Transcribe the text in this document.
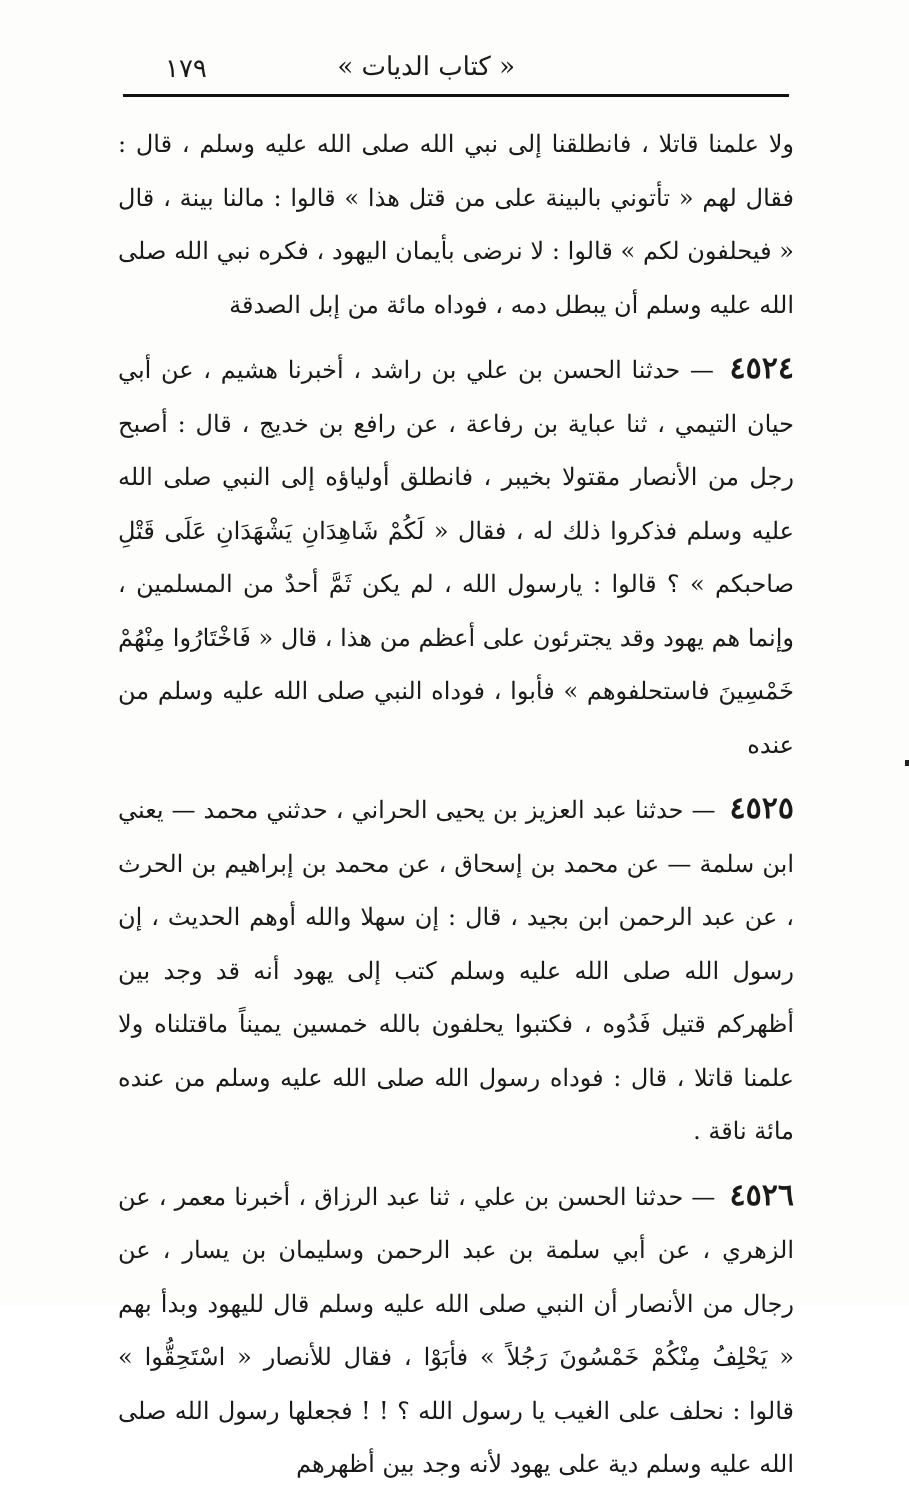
« كتاب الديات »
١٧٩

ولا علمنا قاتلا ، فانطلقنا إلى نبي الله صلى الله عليه وسلم ، قال : فقال لهم « تأتوني بالبينة على من قتل هذا » قالوا : مالنا بينة ، قال « فيحلفون لكم » قالوا : لا نرضى بأيمان اليهود ، فكره نبي الله صلى الله عليه وسلم أن يبطل دمه ، فوداه مائة من إبل الصدقة

٤٥٢٤ — حدثنا الحسن بن علي بن راشد ، أخبرنا هشيم ، عن أبي حيان التيمي ، ثنا عباية بن رفاعة ، عن رافع بن خديج ، قال : أصبح رجل من الأنصار مقتولا بخيبر ، فانطلق أولياؤه إلى النبي صلى الله عليه وسلم فذكروا ذلك له ، فقال « لَكُمْ شَاهِدَانِ يَشْهَدَانِ عَلَى قَتْلِ صاحبكم » ؟ قالوا : يارسول الله ، لم يكن ثَمَّ أحدٌ من المسلمين ، وإنما هم يهود وقد يجترئون على أعظم من هذا ، قال « فَاخْتَارُوا مِنْهُمْ خَمْسِينَ فاستحلفوهم » فأبوا ، فوداه النبي صلى الله عليه وسلم من عنده

٤٥٢٥ — حدثنا عبد العزيز بن يحيى الحراني ، حدثني محمد — يعني ابن سلمة — عن محمد بن إسحاق ، عن محمد بن إبراهيم بن الحرث ، عن عبد الرحمن ابن بجيد ، قال : إن سهلا والله أوهم الحديث ، إن رسول الله صلى الله عليه وسلم كتب إلى يهود أنه قد وجد بين أظهركم قتيل فَدُوه ، فكتبوا يحلفون بالله خمسين يميناً ماقتلناه ولا علمنا قاتلا ، قال : فوداه رسول الله صلى الله عليه وسلم من عنده مائة ناقة .

٤٥٢٦ — حدثنا الحسن بن علي ، ثنا عبد الرزاق ، أخبرنا معمر ، عن الزهري ، عن أبي سلمة بن عبد الرحمن وسليمان بن يسار ، عن رجال من الأنصار أن النبي صلى الله عليه وسلم قال لليهود وبدأ بهم « يَحْلِفُ مِنْكُمْ خَمْسُونَ رَجُلاً » فأبَوْا ، فقال للأنصار « اسْتَحِقُّوا » قالوا : نحلف على الغيب يا رسول الله ؟ ! ! فجعلها رسول الله صلى الله عليه وسلم دية على يهود لأنه وجد بين أظهرهم
